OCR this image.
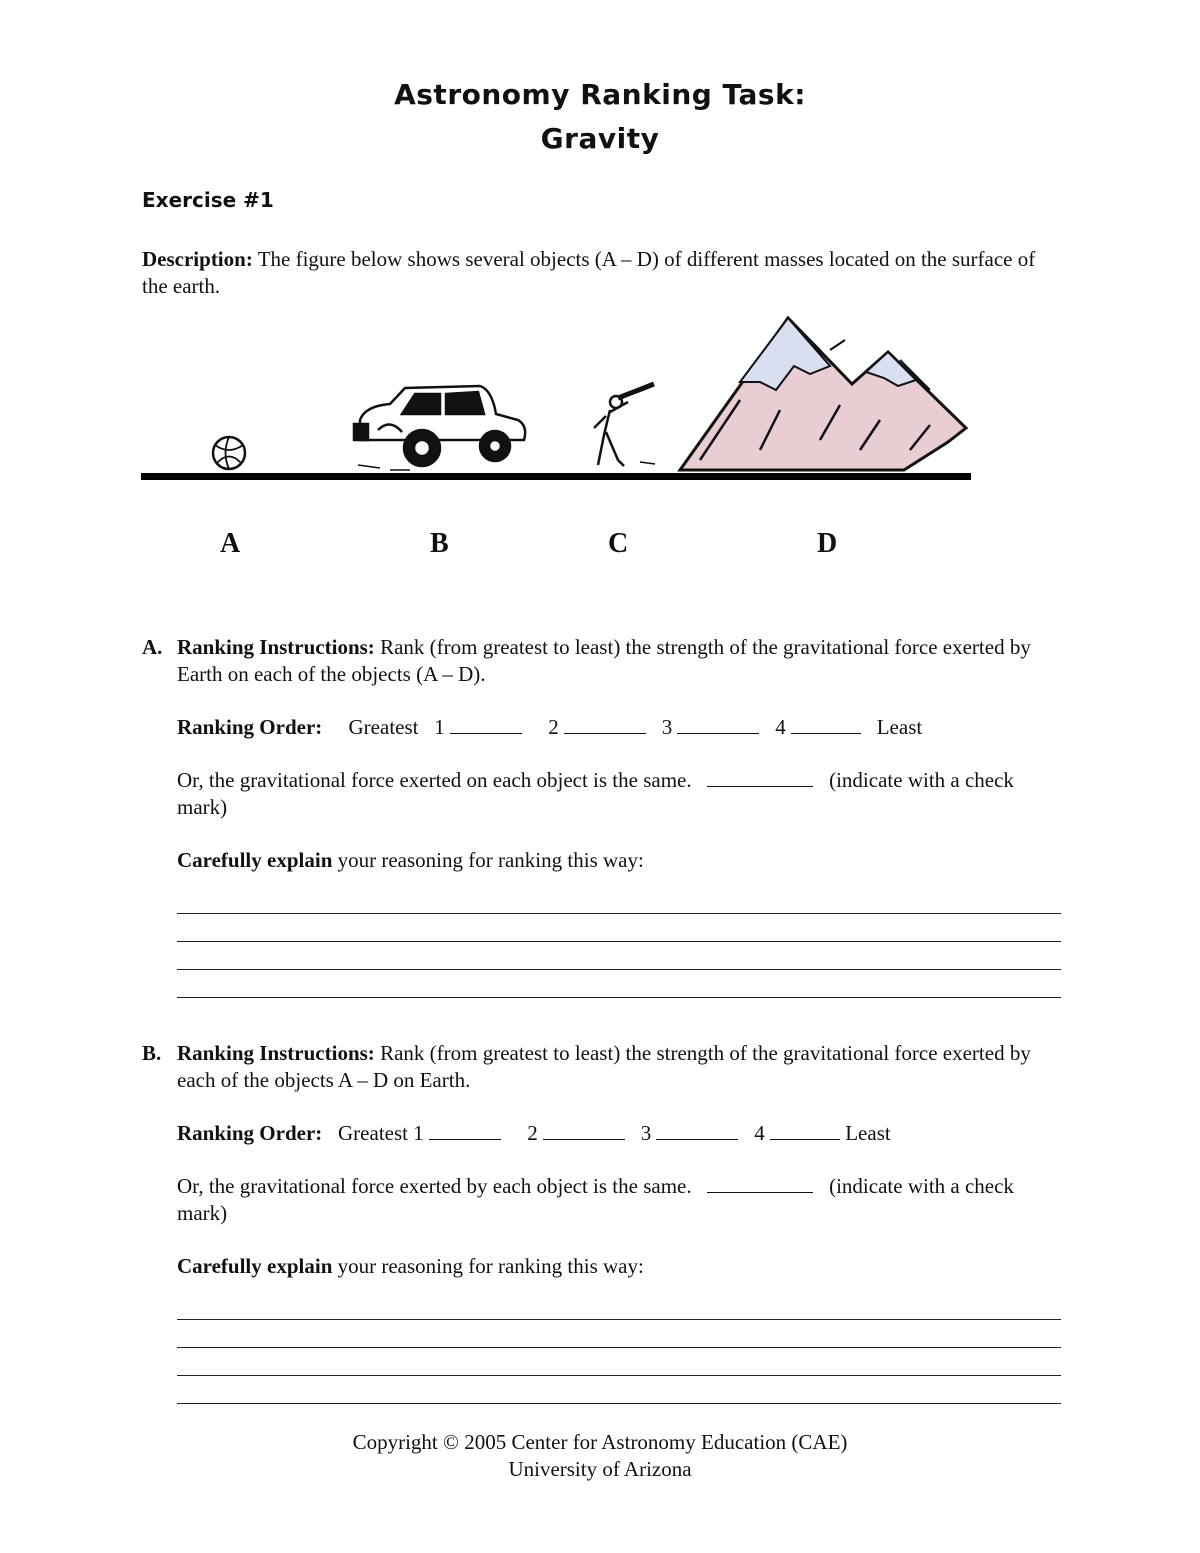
Astronomy Ranking Task:
Gravity
Exercise #1
Description: The figure below shows several objects (A – D) of different masses located on the surface of the earth.
A	B	C	D
A. Ranking Instructions: Rank (from greatest to least) the strength of the gravitational force exerted by Earth on each of the objects (A – D).
Ranking Order: Greatest 1	2	3	4	Least
Or, the gravitational force exerted on each object is the same.	(indicate with a check mark)
Carefully explain your reasoning for ranking this way:
B. Ranking Instructions: Rank (from greatest to least) the strength of the gravitational force exerted by each of the objects A – D on Earth.
Ranking Order: Greatest 1	2	3	4	Least
Or, the gravitational force exerted by each object is the same.	(indicate with a check mark)
Carefully explain your reasoning for ranking this way:
Copyright © 2005 Center for Astronomy Education (CAE)
University of Arizona
